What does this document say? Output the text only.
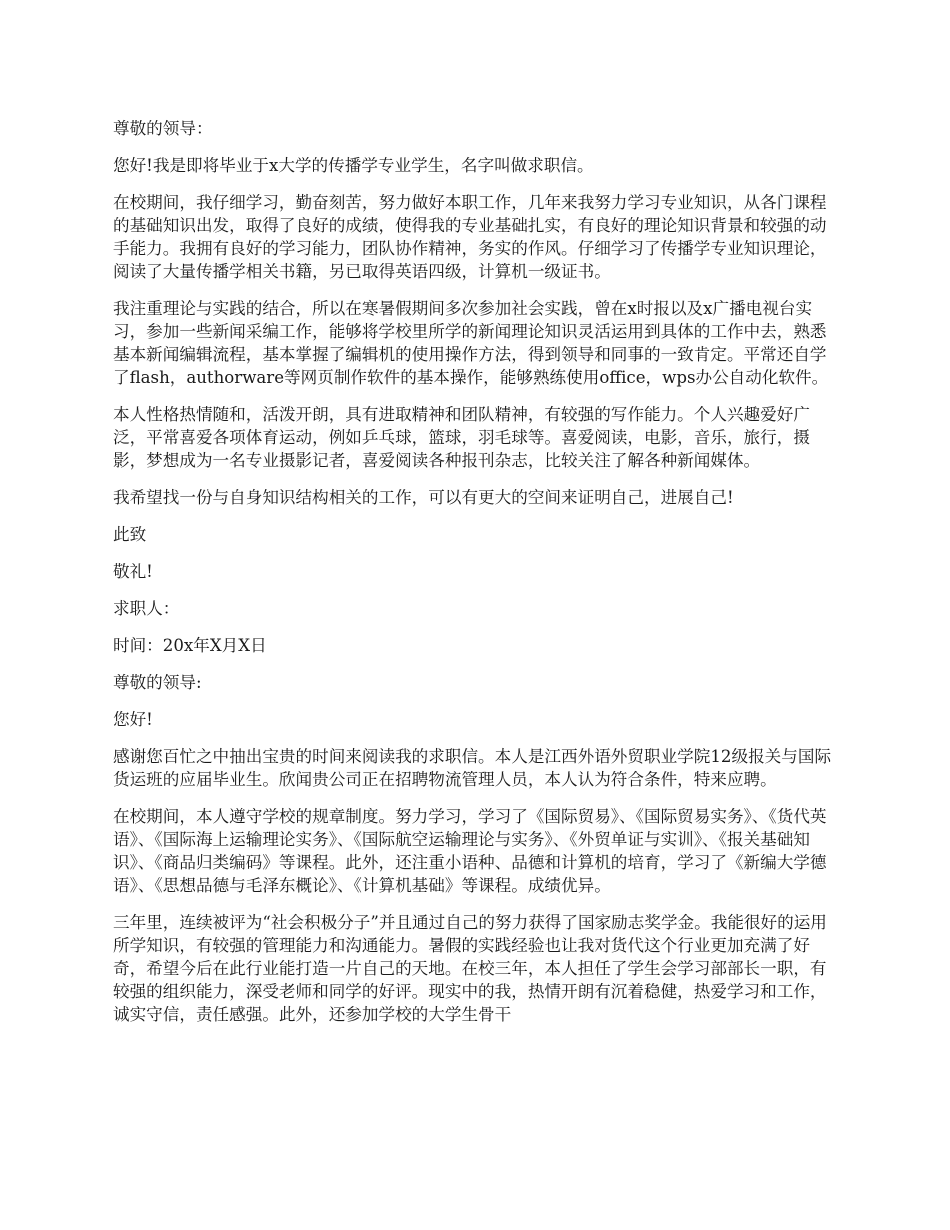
尊敬的领导：

您好!我是即将毕业于x大学的传播学专业学生，名字叫做求职信。

在校期间，我仔细学习，勤奋刻苦，努力做好本职工作，几年来我努力学习专业知识，从各门课程的基础知识出发，取得了良好的成绩，使得我的专业基础扎实，有良好的理论知识背景和较强的动手能力。我拥有良好的学习能力，团队协作精神，务实的作风。仔细学习了传播学专业知识理论，阅读了大量传播学相关书籍，另已取得英语四级，计算机一级证书。

我注重理论与实践的结合，所以在寒暑假期间多次参加社会实践，曾在x时报以及x广播电视台实习，参加一些新闻采编工作，能够将学校里所学的新闻理论知识灵活运用到具体的工作中去，熟悉基本新闻编辑流程，基本掌握了编辑机的使用操作方法，得到领导和同事的一致肯定。平常还自学了flash，authorware等网页制作软件的基本操作，能够熟练使用office，wps办公自动化软件。

本人性格热情随和，活泼开朗，具有进取精神和团队精神，有较强的写作能力。个人兴趣爱好广泛，平常喜爱各项体育运动，例如乒乓球，篮球，羽毛球等。喜爱阅读，电影，音乐，旅行，摄影，梦想成为一名专业摄影记者，喜爱阅读各种报刊杂志，比较关注了解各种新闻媒体。

我希望找一份与自身知识结构相关的工作，可以有更大的空间来证明自己，进展自己!

此致

敬礼!

求职人：

时间：20x年X月X日

尊敬的领导:

您好!

感谢您百忙之中抽出宝贵的时间来阅读我的求职信。本人是江西外语外贸职业学院12级报关与国际货运班的应届毕业生。欣闻贵公司正在招聘物流管理人员，本人认为符合条件，特来应聘。

在校期间，本人遵守学校的规章制度。努力学习，学习了《国际贸易》、《国际贸易实务》、《货代英语》、《国际海上运输理论实务》、《国际航空运输理论与实务》、《外贸单证与实训》、《报关基础知识》、《商品归类编码》等课程。此外，还注重小语种、品德和计算机的培育，学习了《新编大学德语》、《思想品德与毛泽东概论》、《计算机基础》等课程。成绩优异。

三年里，连续被评为“社会积极分子”并且通过自己的努力获得了国家励志奖学金。我能很好的运用所学知识，有较强的管理能力和沟通能力。暑假的实践经验也让我对货代这个行业更加充满了好奇，希望今后在此行业能打造一片自己的天地。在校三年，本人担任了学生会学习部部长一职，有较强的组织能力，深受老师和同学的好评。现实中的我，热情开朗有沉着稳健，热爱学习和工作，诚实守信，责任感强。此外，还参加学校的大学生骨干
